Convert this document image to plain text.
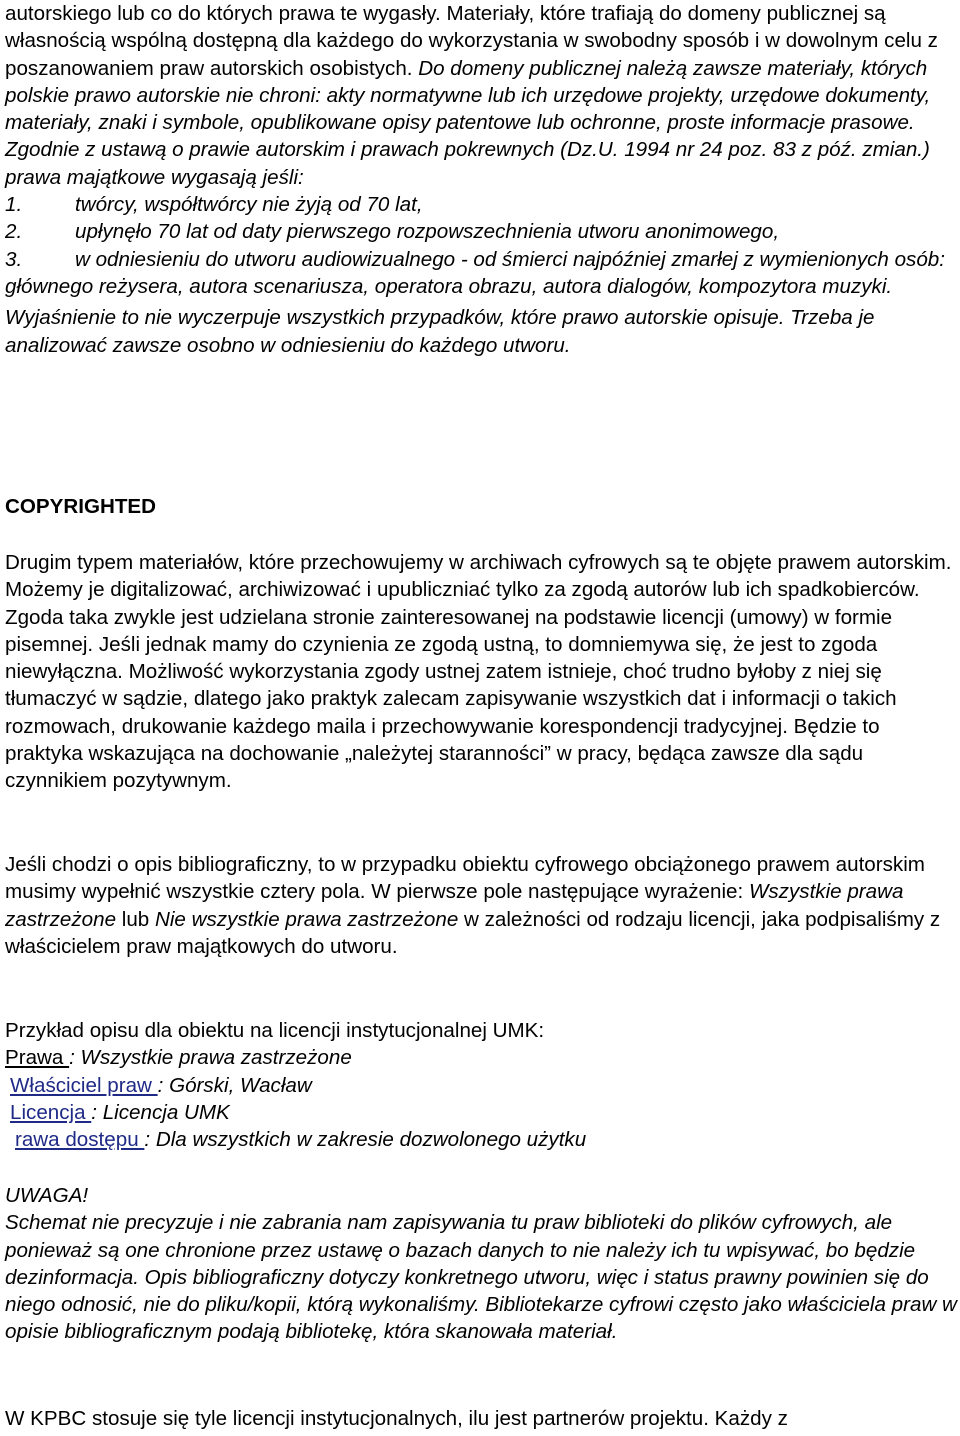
autorskiego lub co do których prawa te wygasły. Materiały, które trafiają do domeny publicznej są własnością wspólną dostępną dla każdego do wykorzystania w swobodny sposób i w dowolnym celu z poszanowaniem praw autorskich osobistych. Do domeny publicznej należą zawsze materiały, których polskie prawo autorskie nie chroni: akty normatywne lub ich urzędowe projekty, urzędowe dokumenty, materiały, znaki i symbole, opublikowane opisy patentowe lub ochronne, proste informacje prasowe. Zgodnie z ustawą o prawie autorskim i prawach pokrewnych (Dz.U. 1994 nr 24 poz. 83 z póź. zmian.) prawa majątkowe wygasają jeśli:

1.	twórcy, współtwórcy nie żyją od 70 lat,
2.	upłynęło 70 lat od daty pierwszego rozpowszechnienia utworu anonimowego,
3.	w odniesieniu do utworu audiowizualnego - od śmierci najpóźniej zmarłej z wymienionych osób: głównego reżysera, autora scenariusza, operatora obrazu, autora dialogów, kompozytora muzyki.

Wyjaśnienie to nie wyczerpuje wszystkich przypadków, które prawo autorskie opisuje. Trzeba je analizować zawsze osobno w odniesieniu do każdego utworu.

COPYRIGHTED

Drugim typem materiałów, które przechowujemy w archiwach cyfrowych są te objęte prawem autorskim. Możemy je digitalizować, archiwizować i upubliczniać tylko za zgodą autorów lub ich spadkobierców. Zgoda taka zwykle jest udzielana stronie zainteresowanej na podstawie licencji (umowy) w formie pisemnej. Jeśli jednak mamy do czynienia ze zgodą ustną, to domniemywa się, że jest to zgoda niewyłączna. Możliwość wykorzystania zgody ustnej zatem istnieje, choć trudno byłoby z niej się tłumaczyć w sądzie, dlatego jako praktyk zalecam zapisywanie wszystkich dat i informacji o takich rozmowach, drukowanie każdego maila i przechowywanie korespondencji tradycyjnej. Będzie to praktyka wskazująca na dochowanie „należytej staranności” w pracy, będąca zawsze dla sądu czynnikiem pozytywnym.

Jeśli chodzi o opis bibliograficzny, to w przypadku obiektu cyfrowego obciążonego prawem autorskim musimy wypełnić wszystkie cztery pola. W pierwsze pole następujące wyrażenie: Wszystkie prawa zastrzeżone lub Nie wszystkie prawa zastrzeżone w zależności od rodzaju licencji, jaka podpisaliśmy z właścicielem praw majątkowych do utworu.

Przykład opisu dla obiektu na licencji instytucjonalnej UMK:

Prawa : Wszystkie prawa zastrzeżone
Właściciel praw : Górski, Wacław
Licencja : Licencja UMK
rawa dostępu : Dla wszystkich w zakresie dozwolonego użytku

UWAGA!

Schemat nie precyzuje i nie zabrania nam zapisywania tu praw biblioteki do plików cyfrowych, ale ponieważ są one chronione przez ustawę o bazach danych to nie należy ich tu wpisywać, bo będzie dezinformacja. Opis bibliograficzny dotyczy konkretnego utworu, więc i status prawny powinien się do niego odnosić, nie do pliku/kopii, którą wykonaliśmy. Bibliotekarze cyfrowi często jako właściciela praw w opisie bibliograficznym podają bibliotekę, która skanowała materiał.

W KPBC stosuje się tyle licencji instytucjonalnych, ilu jest partnerów projektu. Każdy z
